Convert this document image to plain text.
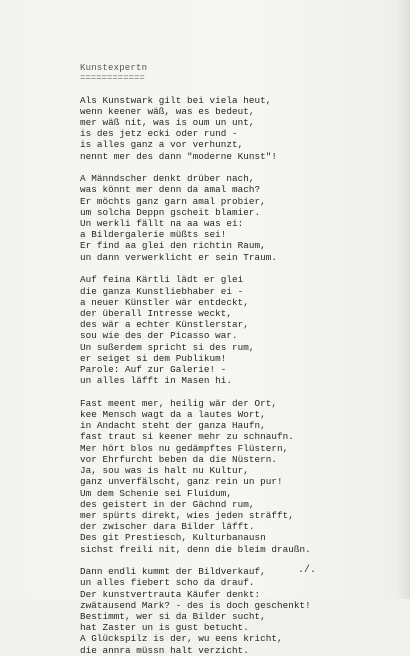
Kunstexpertn

============

Als Kunstwark gilt bei viela heut,
wenn keener wäß, was es bedeut,
mer wäß nit, was is oum un unt,
is des jetz ecki oder rund -
is alles ganz a vor verhunzt,
nennt mer des dann "moderne Kunst"!
A Männdscher denkt drüber nach,
was könnt mer denn da amal mach?
Er möchts ganz garn amal probier,
um solcha Deppn gscheit blamier.
Un werkli fällt na aa was ei:
a Bildergalerie müßts sei!
Er find aa glei den richtin Raum,
un dann verwerklicht er sein Traum.
Auf feina Kärtli lädt er glei
die ganza Kunstliebhaber ei -
a neuer Künstler wär entdeckt,
der überall Intresse weckt,
des wär a echter Künstlerstar,
sou wie des der Picasso war.
Un sußerdem spricht si des rum,
er seiget si dem Publikum!
Parole: Auf zur Galerie! -
un alles läfft in Masen hi.
Fast meent mer, heilig wär der Ort,
kee Mensch wagt da a lautes Wort,
in Andacht steht der ganza Haufn,
fast traut si keener mehr zu schnaufn.
Mer hört blos nu gedämpftes Flüstern,
vor Ehrfurcht beben da die Nüstern.
Ja, sou was is halt nu Kultur,
ganz unverfälscht, ganz rein un pur!
Um dem Schenie sei Fluidum,
des geistert in der Gächnd rum,
mer spürts direkt, wies jeden sträfft,
der zwischer dara Bilder läfft.
Des git Prestiesch, Kulturbanausn
sichst freili nit, denn die bleim draußn.
Dann endli kummt der Bildverkauf,
un alles fiebert scho da drauf.
Der kunstvertrauta Käufer denkt:
zwätausend Mark? - des is doch geschenkt!
Bestimmt, wer si da Bilder sucht,
hat Zaster un is gust betucht.
A Glückspilz is der, wu eens kricht,
die annra müssn halt verzicht.
./.
